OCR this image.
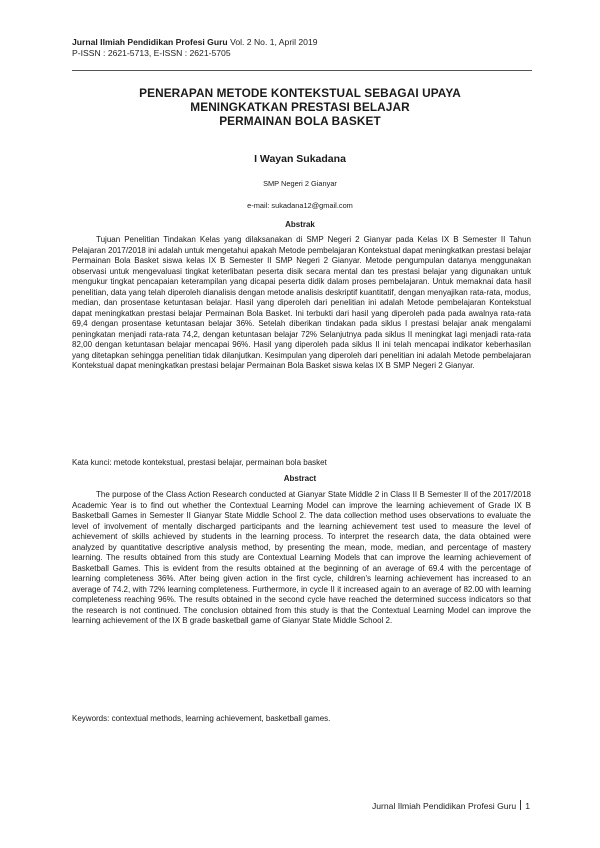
Jurnal Ilmiah Pendidikan Profesi Guru Vol. 2 No. 1, April 2019
P-ISSN : 2621-5713, E-ISSN : 2621-5705
PENERAPAN METODE KONTEKSTUAL SEBAGAI UPAYA
MENINGKATKAN PRESTASI BELAJAR
PERMAINAN BOLA BASKET
I Wayan Sukadana
SMP Negeri 2 Gianyar
e-mail: sukadana12@gmail.com
Abstrak
Tujuan Penelitian Tindakan Kelas yang dilaksanakan di SMP Negeri 2 Gianyar pada Kelas IX B Semester II Tahun Pelajaran 2017/2018 ini adalah untuk mengetahui apakah Metode pembelajaran Kontekstual dapat meningkatkan prestasi belajar Permainan Bola Basket siswa kelas IX B Semester II SMP Negeri 2 Gianyar. Metode pengumpulan datanya menggunakan observasi untuk mengevaluasi tingkat keterlibatan peserta disik secara mental dan tes prestasi belajar yang digunakan untuk mengukur tingkat pencapaian keterampilan yang dicapai peserta didik dalam proses pembelajaran. Untuk memaknai data hasil penelitian, data yang telah diperoleh dianalisis dengan metode analisis deskriptif kuantitatif, dengan menyajikan rata-rata, modus, median, dan prosentase ketuntasan belajar. Hasil yang diperoleh dari penelitian ini adalah Metode pembelajaran Kontekstual dapat meningkatkan prestasi belajar Permainan Bola Basket. Ini terbukti dari hasil yang diperoleh pada pada awalnya rata-rata 69,4 dengan prosentase ketuntasan belajar 36%. Setelah diberikan tindakan pada siklus I prestasi belajar anak mengalami peningkatan menjadi rata-rata 74,2, dengan ketuntasan belajar 72% Selanjutnya pada siklus II meningkat lagi menjadi rata-rata 82,00 dengan ketuntasan belajar mencapai 96%. Hasil yang diperoleh pada siklus II ini telah mencapai indikator keberhasilan yang ditetapkan sehingga penelitian tidak dilanjutkan. Kesimpulan yang diperoleh dari penelitian ini adalah Metode pembelajaran Kontekstual dapat meningkatkan prestasi belajar Permainan Bola Basket siswa kelas IX B SMP Negeri 2 Gianyar.
Kata kunci: metode kontekstual, prestasi belajar, permainan bola basket
Abstract
The purpose of the Class Action Research conducted at Gianyar State Middle 2 in Class II B Semester II of the 2017/2018 Academic Year is to find out whether the Contextual Learning Model can improve the learning achievement of Grade IX B Basketball Games in Semester II Gianyar State Middle School 2. The data collection method uses observations to evaluate the level of involvement of mentally discharged participants and the learning achievement test used to measure the level of achievement of skills achieved by students in the learning process. To interpret the research data, the data obtained were analyzed by quantitative descriptive analysis method, by presenting the mean, mode, median, and percentage of mastery learning. The results obtained from this study are Contextual Learning Models that can improve the learning achievement of Basketball Games. This is evident from the results obtained at the beginning of an average of 69.4 with the percentage of learning completeness 36%. After being given action in the first cycle, children's learning achievement has increased to an average of 74.2, with 72% learning completeness. Furthermore, in cycle II it increased again to an average of 82.00 with learning completeness reaching 96%. The results obtained in the second cycle have reached the determined success indicators so that the research is not continued. The conclusion obtained from this study is that the Contextual Learning Model can improve the learning achievement of the IX B grade basketball game of Gianyar State Middle School 2.
Keywords: contextual methods, learning achievement, basketball games.
Jurnal Ilmiah Pendidikan Profesi Guru 1
